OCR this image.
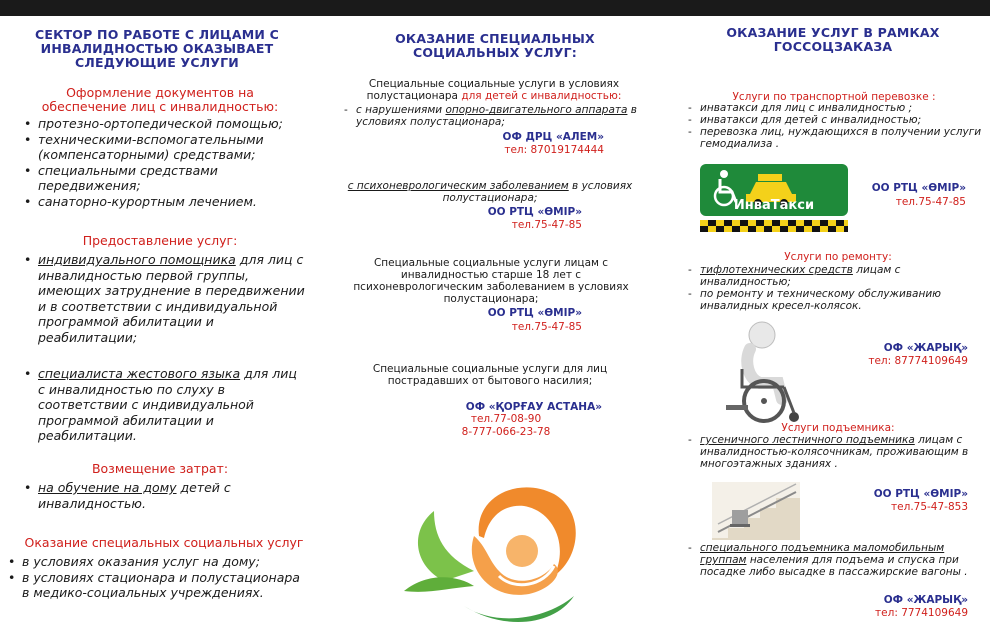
СЕКТОР ПО РАБОТЕ С ЛИЦАМИ С ИНВАЛИДНОСТЬЮ ОКАЗЫВАЕТ СЛЕДУЮЩИЕ УСЛУГИ
Оформление документов на обеспечение лиц с инвалидностью:
• протезно-ортопедической помощью;
• техническими-вспомогательными (компенсаторными) средствами;
• специальными средствами передвижения;
• санаторно-курортным лечением.
Предоставление услуг:
• индивидуального помощника для лиц с инвалидностью первой группы, имеющих затруднение в передвижении и в соответствии с индивидуальной программой абилитации и реабилитации;
• специалиста жестового языка для лиц с инвалидностью по слуху в соответствии с индивидуальной программой абилитации и реабилитации.
Возмещение затрат:
• на обучение на дому детей с инвалидностью.
Оказание специальных социальных услуг
• в условиях оказания услуг на дому;
• в условиях стационара и полустационара в медико-социальных учреждениях.
ОКАЗАНИЕ СПЕЦИАЛЬНЫХ СОЦИАЛЬНЫХ УСЛУГ:
Специальные социальные услуги в условиях полустационара для детей с инвалидностью:
- с нарушениями опорно-двигательного аппарата в условиях полустационара;
ОФ ДРЦ «АЛЕМ»
тел: 87019174444
с психоневрологическим заболеванием в условиях полустационара;
ОО РТЦ «ӨМІР»
тел.75-47-85
Специальные социальные услуги лицам с инвалидностью старше 18 лет с психоневрологическим заболеванием в условиях полустационара;
ОО РТЦ «ӨМІР»
тел.75-47-85
Специальные социальные услуги для лиц пострадавших от бытового насилия;
ОФ «ҚОРҒАУ АСТАНА»
тел.77-08-90
8-777-066-23-78
ОКАЗАНИЕ УСЛУГ В РАМКАХ ГОССОЦЗАКАЗА
Услуги по транспортной перевозке :
- инватакси для лиц с инвалидностью ;
- инватакси для детей с инвалидностью;
- перевозка лиц, нуждающихся в получении услуги гемодиализа .
ИнваТакси
ОО РТЦ «ӨМІР»
тел.75-47-85
Услуги по ремонту:
- тифлотехнических средств лицам с инвалидностью;
- по ремонту и техническому обслуживанию инвалидных кресел-колясок.
ОФ «ЖАРЫҚ»
тел: 87774109649
Услуги подъемника:
- гусеничного лестничного подъемника лицам с инвалидностью-колясочникам, проживающим в многоэтажных зданиях .
ОО РТЦ «ӨМІР»
тел.75-47-853
- специального подъемника маломобильным группам населения для подъема и спуска при посадке либо высадке в пассажирские вагоны .
ОФ «ЖАРЫҚ»
тел: 7774109649
